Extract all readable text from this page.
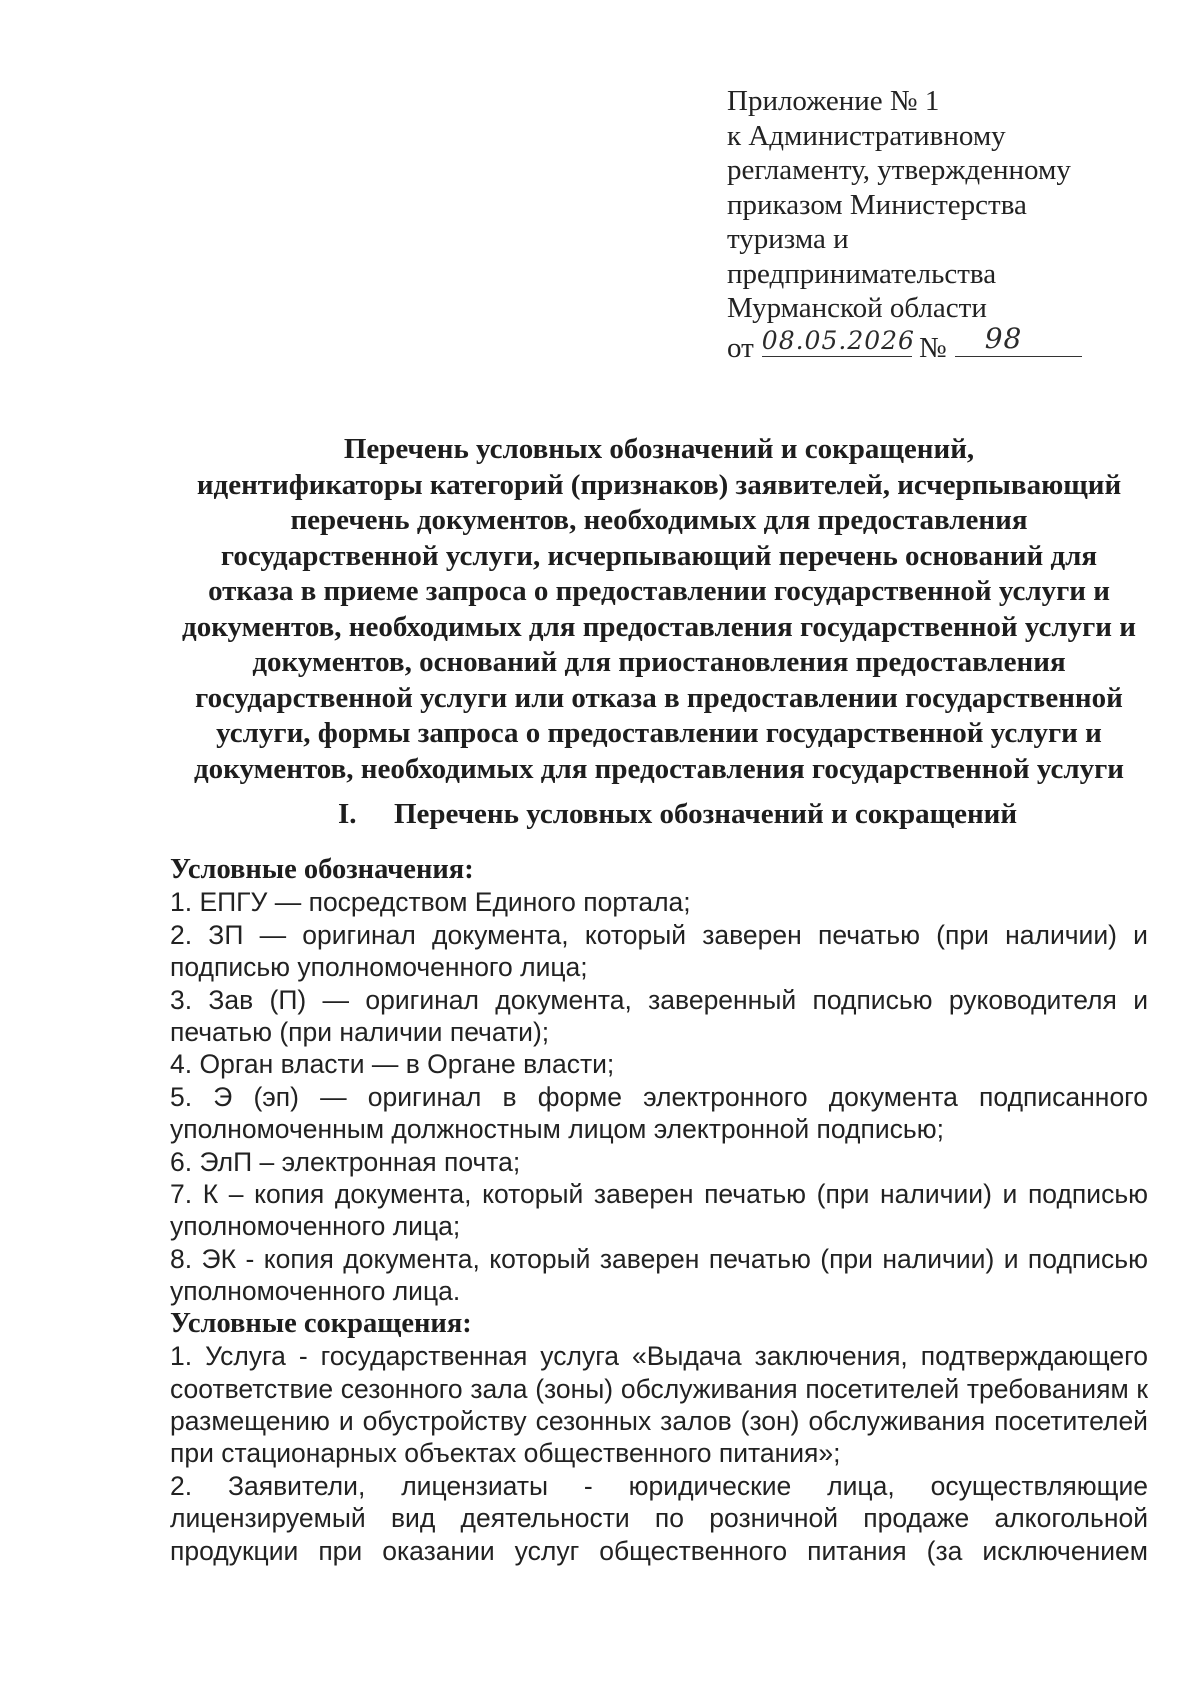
Приложение № 1
к Административному
регламенту, утвержденному
приказом Министерства
туризма и
предпринимательства
Мурманской области
от 08.05.2026 № 98
Перечень условных обозначений и сокращений,
идентификаторы категорий (признаков) заявителей, исчерпывающий
перечень документов, необходимых для предоставления
государственной услуги, исчерпывающий перечень оснований для
отказа в приеме запроса о предоставлении государственной услуги и
документов, необходимых для предоставления государственной услуги и
документов, оснований для приостановления предоставления
государственной услуги или отказа в предоставлении государственной
услуги, формы запроса о предоставлении государственной услуги и
документов, необходимых для предоставления государственной услуги
I. Перечень условных обозначений и сокращений
Условные обозначения:
1. ЕПГУ — посредством Единого портала;
2. ЗП — оригинал документа, который заверен печатью (при наличии) и
подписью уполномоченного лица;
3. Зав (П) — оригинал документа, заверенный подписью руководителя и
печатью (при наличии печати);
4. Орган власти — в Органе власти;
5. Э (эп) — оригинал в форме электронного документа подписанного
уполномоченным должностным лицом электронной подписью;
6. ЭлП – электронная почта;
7. К – копия документа, который заверен печатью (при наличии) и подписью
уполномоченного лица;
8. ЭК - копия документа, который заверен печатью (при наличии) и подписью
уполномоченного лица.
Условные сокращения:
1. Услуга - государственная услуга «Выдача заключения, подтверждающего
соответствие сезонного зала (зоны) обслуживания посетителей требованиям к
размещению и обустройству сезонных залов (зон) обслуживания посетителей
при стационарных объектах общественного питания»;
2. Заявители, лицензиаты - юридические лица, осуществляющие
лицензируемый вид деятельности по розничной продаже алкогольной
продукции при оказании услуг общественного питания (за исключением
